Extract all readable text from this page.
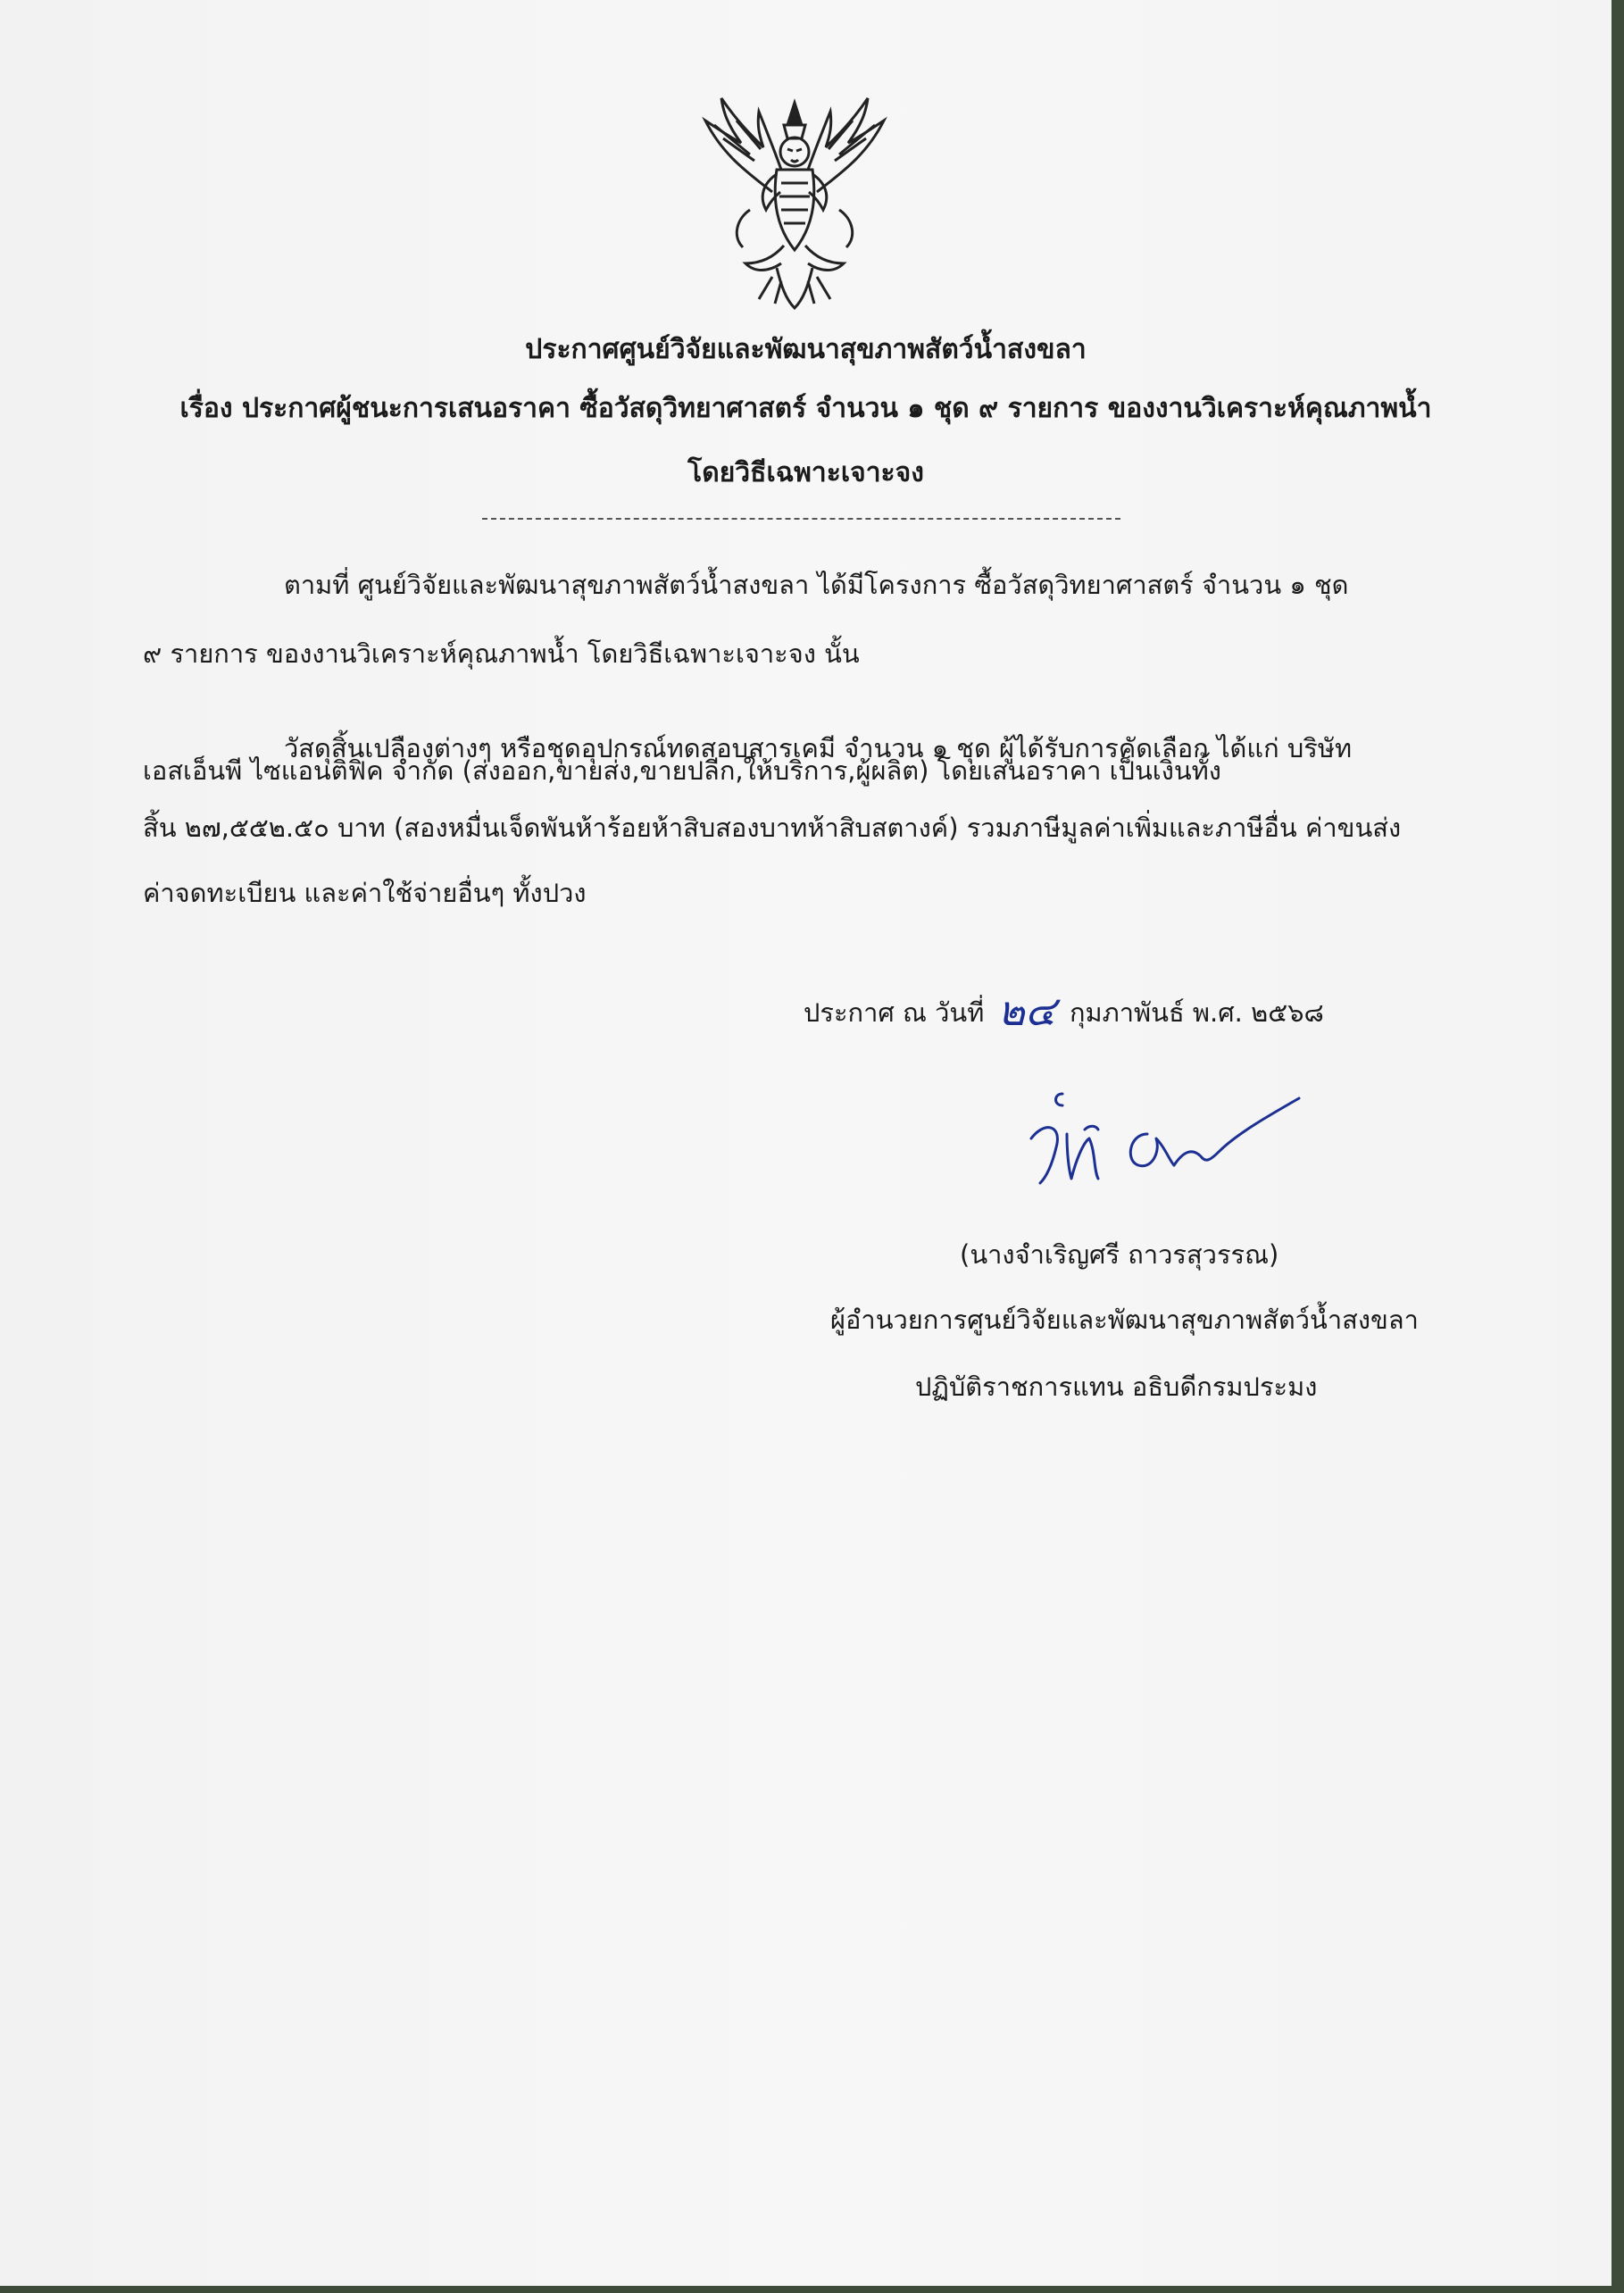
ประกาศศูนย์วิจัยและพัฒนาสุขภาพสัตว์น้ำสงขลา
เรื่อง ประกาศผู้ชนะการเสนอราคา ซื้อวัสดุวิทยาศาสตร์ จำนวน ๑ ชุด ๙ รายการ ของงานวิเคราะห์คุณภาพน้ำ
โดยวิธีเฉพาะเจาะจง
ตามที่ ศูนย์วิจัยและพัฒนาสุขภาพสัตว์น้ำสงขลา ได้มีโครงการ ซื้อวัสดุวิทยาศาสตร์ จำนวน ๑ ชุด
๙ รายการ ของงานวิเคราะห์คุณภาพน้ำ โดยวิธีเฉพาะเจาะจง นั้น
วัสดุสิ้นเปลืองต่างๆ หรือชุดอุปกรณ์ทดสอบสารเคมี จำนวน ๑ ชุด ผู้ได้รับการคัดเลือก ได้แก่ บริษัท
เอสเอ็นพี ไซแอนติฟิค จำกัด (ส่งออก,ขายส่ง,ขายปลีก,ให้บริการ,ผู้ผลิต) โดยเสนอราคา เป็นเงินทั้ง
สิ้น ๒๗,๕๕๒.๕๐ บาท (สองหมื่นเจ็ดพันห้าร้อยห้าสิบสองบาทห้าสิบสตางค์) รวมภาษีมูลค่าเพิ่มและภาษีอื่น ค่าขนส่ง
ค่าจดทะเบียน และค่าใช้จ่ายอื่นๆ ทั้งปวง
ประกาศ ณ วันที่ ๒๔ กุมภาพันธ์ พ.ศ. ๒๕๖๘
(นางจำเริญศรี ถาวรสุวรรณ)
ผู้อำนวยการศูนย์วิจัยและพัฒนาสุขภาพสัตว์น้ำสงขลา
ปฏิบัติราชการแทน อธิบดีกรมประมง
